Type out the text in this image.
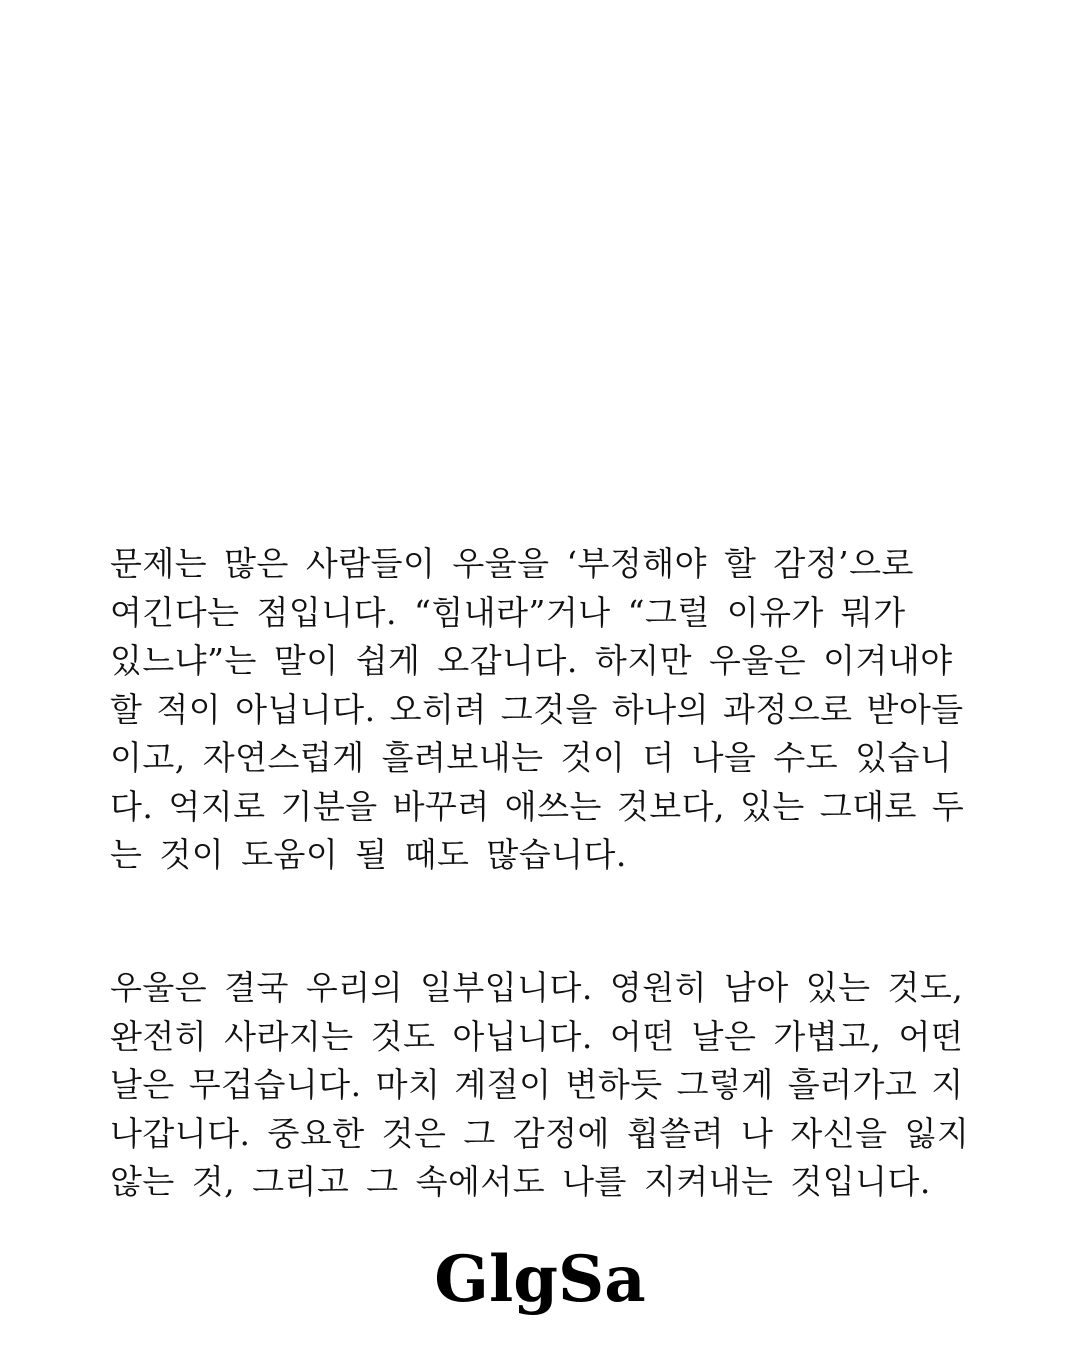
문제는 많은 사람들이 우울을 ‘부정해야 할 감정’으로
여긴다는 점입니다. “힘내라”거나 “그럴 이유가 뭐가
있느냐”는 말이 쉽게 오갑니다. 하지만 우울은 이겨내야
할 적이 아닙니다. 오히려 그것을 하나의 과정으로 받아들
이고, 자연스럽게 흘려보내는 것이 더 나을 수도 있습니
다. 억지로 기분을 바꾸려 애쓰는 것보다, 있는 그대로 두
는 것이 도움이 될 때도 많습니다.

우울은 결국 우리의 일부입니다. 영원히 남아 있는 것도,
완전히 사라지는 것도 아닙니다. 어떤 날은 가볍고, 어떤
날은 무겁습니다. 마치 계절이 변하듯 그렇게 흘러가고 지
나갑니다. 중요한 것은 그 감정에 휩쓸려 나 자신을 잃지
않는 것, 그리고 그 속에서도 나를 지켜내는 것입니다.

GlgSa
